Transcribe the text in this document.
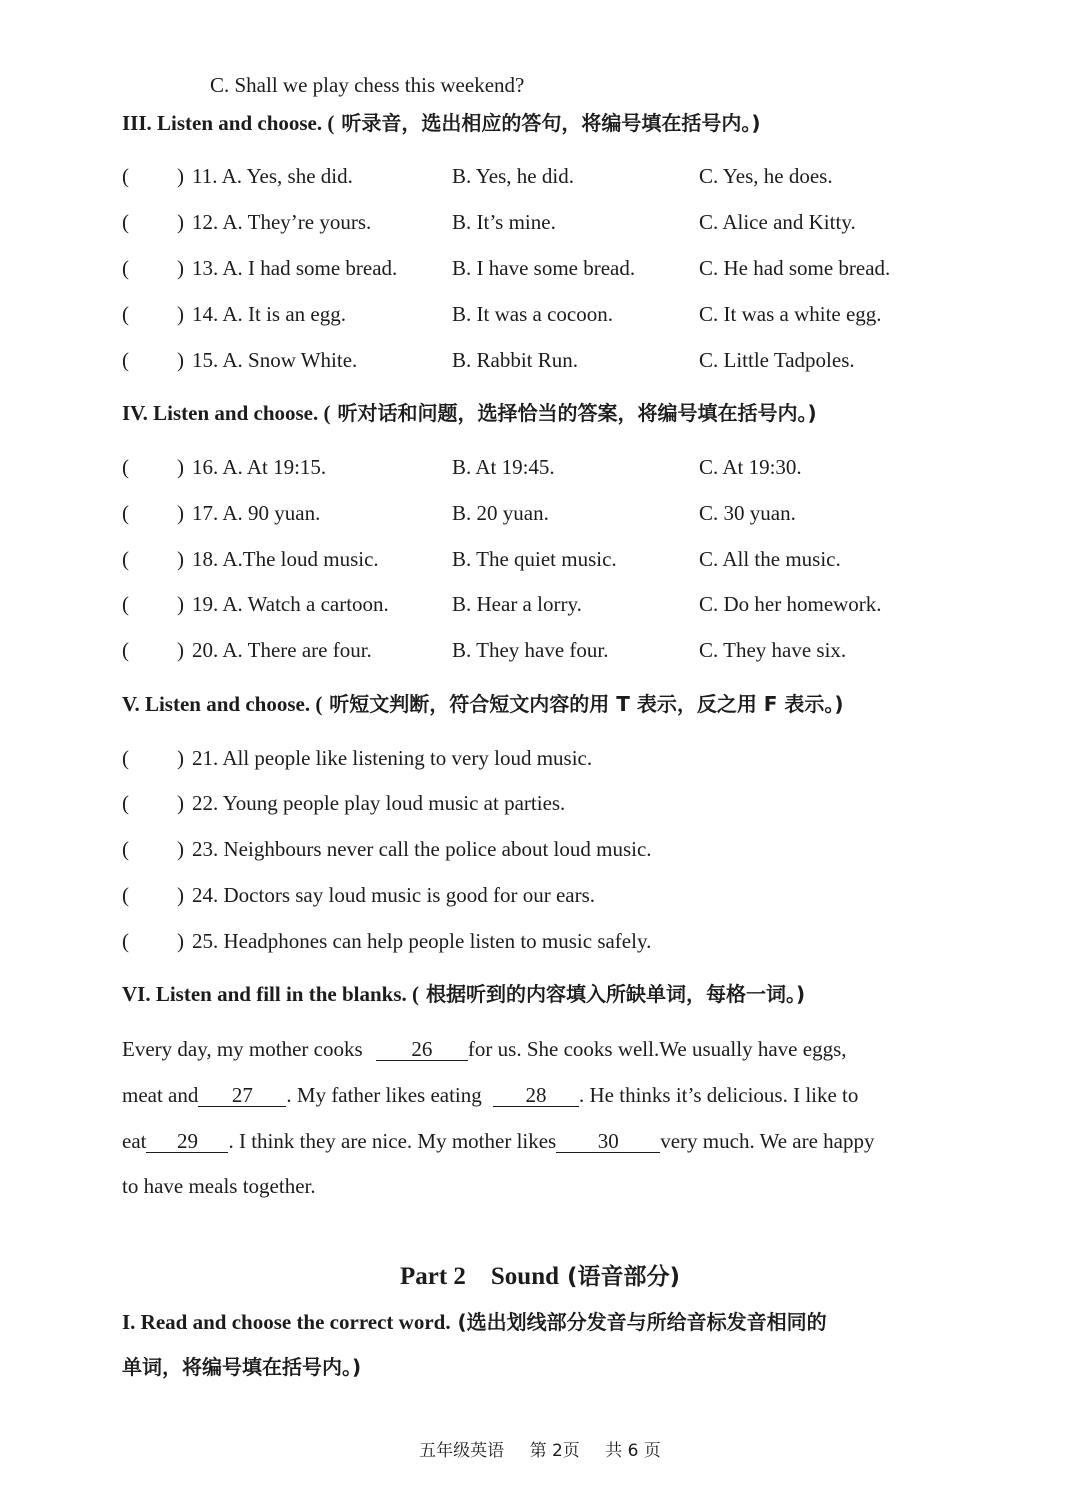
C. Shall we play chess this weekend?
III. Listen and choose. ( 听录音，选出相应的答句，将编号填在括号内。)
( ) 11. A. Yes, she did.	B. Yes, he did.	C. Yes, he does.
( ) 12. A. They’re yours.	B. It’s mine.	C. Alice and Kitty.
( ) 13. A. I had some bread.	B. I have some bread.	C. He had some bread.
( ) 14. A. It is an egg.	B. It was a cocoon.	C. It was a white egg.
( ) 15. A. Snow White.	B. Rabbit Run.	C. Little Tadpoles.
IV. Listen and choose. ( 听对话和问题，选择恰当的答案，将编号填在括号内。)
( ) 16. A. At 19:15.	B. At 19:45.	C. At 19:30.
( ) 17. A. 90 yuan.	B. 20 yuan.	C. 30 yuan.
( ) 18. A.The loud music.	B. The quiet music.	C. All the music.
( ) 19. A. Watch a cartoon.	B. Hear a lorry.	C. Do her homework.
( ) 20. A. There are four.	B. They have four.	C. They have six.
V. Listen and choose. ( 听短文判断，符合短文内容的用 T 表示，反之用 F 表示。)
( ) 21. All people like listening to very loud music.
( ) 22. Young people play loud music at parties.
( ) 23. Neighbours never call the police about loud music.
( ) 24. Doctors say loud music is good for our ears.
( ) 25. Headphones can help people listen to music safely.
VI. Listen and fill in the blanks. ( 根据听到的内容填入所缺单词，每格一词。)
Every day, my mother cooks 26 for us. She cooks well.We usually have eggs,
meat and 27 . My father likes eating 28 . He thinks it’s delicious. I like to
eat 29 . I think they are nice. My mother likes 30 very much. We are happy
to have meals together.
Part 2    Sound (语音部分)
I. Read and choose the correct word. (选出划线部分发音与所给音标发音相同的
单词，将编号填在括号内。)
五年级英语 第 2页 共 6 页
